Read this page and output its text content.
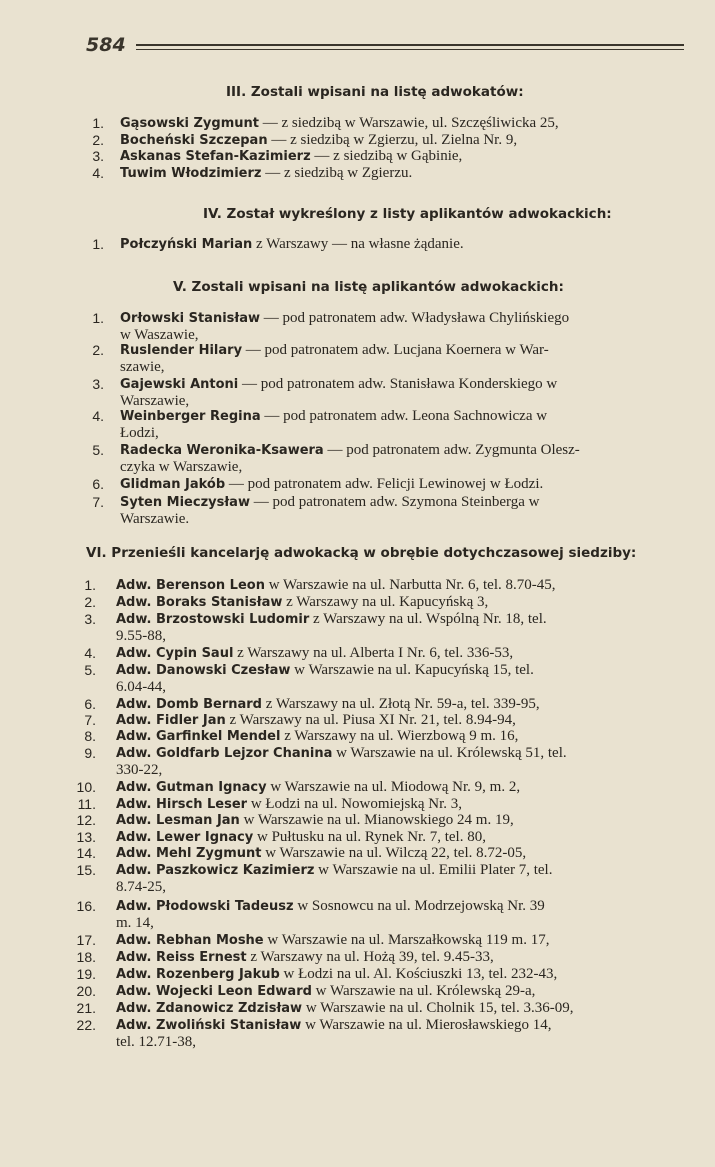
584
III. Zostali wpisani na listę adwokatów:
1. Gąsowski Zygmunt — z siedzibą w Warszawie, ul. Szczęśliwicka 25,
2. Bocheński Szczepan — z siedzibą w Zgierzu, ul. Zielna Nr. 9,
3. Askanas Stefan-Kazimierz — z siedzibą w Gąbinie,
4. Tuwim Włodzimierz — z siedzibą w Zgierzu.
IV. Został wykreślony z listy aplikantów adwokackich:
1. Połczyński Marian z Warszawy — na własne żądanie.
V. Zostali wpisani na listę aplikantów adwokackich:
1. Orłowski Stanisław — pod patronatem adw. Władysława Chylińskiego
w Waszawie,
2. Ruslender Hilary — pod patronatem adw. Lucjana Koernera w War-
szawie,
3. Gajewski Antoni — pod patronatem adw. Stanisława Konderskiego w
Warszawie,
4. Weinberger Regina — pod patronatem adw. Leona Sachnowicza w
Łodzi,
5. Radecka Weronika-Ksawera — pod patronatem adw. Zygmunta Olesz-
czyka w Warszawie,
6. Glidman Jakób — pod patronatem adw. Felicji Lewinowej w Łodzi.
7. Syten Mieczysław — pod patronatem adw. Szymona Steinberga w
Warszawie.
VI. Przenieśli kancelarję adwokacką w obrębie dotychczasowej siedziby:
1. Adw. Berenson Leon w Warszawie na ul. Narbutta Nr. 6, tel. 8.70-45,
2. Adw. Boraks Stanisław z Warszawy na ul. Kapucyńską 3,
3. Adw. Brzostowski Ludomir z Warszawy na ul. Wspólną Nr. 18, tel.
9.55-88,
4. Adw. Cypin Saul z Warszawy na ul. Alberta I Nr. 6, tel. 336-53,
5. Adw. Danowski Czesław w Warszawie na ul. Kapucyńską 15, tel.
6.04-44,
6. Adw. Domb Bernard z Warszawy na ul. Złotą Nr. 59-a, tel. 339-95,
7. Adw. Fidler Jan z Warszawy na ul. Piusa XI Nr. 21, tel. 8.94-94,
8. Adw. Garfinkel Mendel z Warszawy na ul. Wierzbową 9 m. 16,
9. Adw. Goldfarb Lejzor Chanina w Warszawie na ul. Królewską 51, tel.
330-22,
10. Adw. Gutman Ignacy w Warszawie na ul. Miodową Nr. 9, m. 2,
11. Adw. Hirsch Leser w Łodzi na ul. Nowomiejską Nr. 3,
12. Adw. Lesman Jan w Warszawie na ul. Mianowskiego 24 m. 19,
13. Adw. Lewer Ignacy w Pułtusku na ul. Rynek Nr. 7, tel. 80,
14. Adw. Mehl Zygmunt w Warszawie na ul. Wilczą 22, tel. 8.72-05,
15. Adw. Paszkowicz Kazimierz w Warszawie na ul. Emilii Plater 7, tel.
8.74-25,
16. Adw. Płodowski Tadeusz w Sosnowcu na ul. Modrzejowską Nr. 39
m. 14,
17. Adw. Rebhan Moshe w Warszawie na ul. Marszałkowską 119 m. 17,
18. Adw. Reiss Ernest z Warszawy na ul. Hożą 39, tel. 9.45-33,
19. Adw. Rozenberg Jakub w Łodzi na ul. Al. Kościuszki 13, tel. 232-43,
20. Adw. Wojecki Leon Edward w Warszawie na ul. Królewską 29-a,
21. Adw. Zdanowicz Zdzisław w Warszawie na ul. Cholnik 15, tel. 3.36-09,
22. Adw. Zwoliński Stanisław w Warszawie na ul. Mierosławskiego 14,
tel. 12.71-38,
